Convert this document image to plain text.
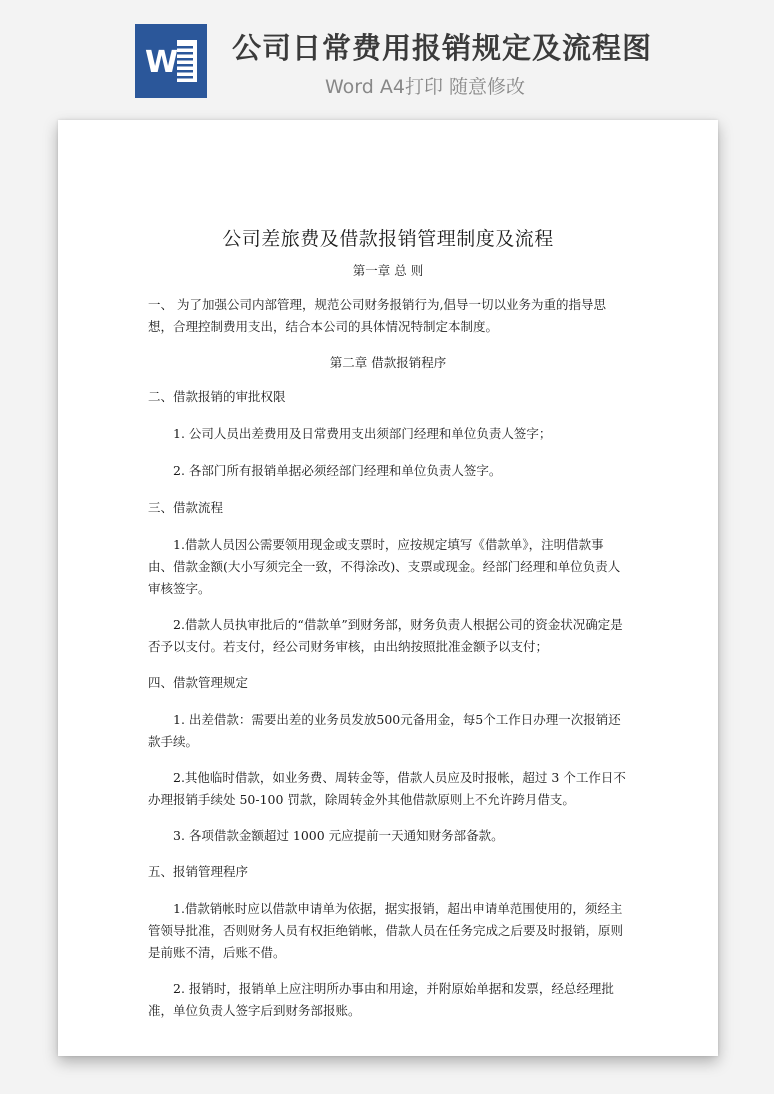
W 公司日常费用报销规定及流程图
Word A4打印 随意修改
公司差旅费及借款报销管理制度及流程
第一章 总 则
一、 为了加强公司内部管理，规范公司财务报销行为,倡导一切以业务为重的指导思想，合理控制费用支出，结合本公司的具体情况特制定本制度。
第二章 借款报销程序
二、借款报销的审批权限
1. 公司人员出差费用及日常费用支出须部门经理和单位负责人签字；
2. 各部门所有报销单据必须经部门经理和单位负责人签字。
三、借款流程
1.借款人员因公需要领用现金或支票时，应按规定填写《借款单》，注明借款事由、借款金额(大小写须完全一致，不得涂改)、支票或现金。经部门经理和单位负责人审核签字。
2.借款人员执审批后的“借款单”到财务部，财务负责人根据公司的资金状况确定是否予以支付。若支付，经公司财务审核，由出纳按照批准金额予以支付；
四、借款管理规定
1. 出差借款：需要出差的业务员发放500元备用金，每5个工作日办理一次报销还款手续。
2.其他临时借款，如业务费、周转金等，借款人员应及时报帐，超过 3 个工作日不办理报销手续处 50-100 罚款，除周转金外其他借款原则上不允许跨月借支。
3. 各项借款金额超过 1000 元应提前一天通知财务部备款。
五、报销管理程序
1.借款销帐时应以借款申请单为依据，据实报销，超出申请单范围使用的，须经主管领导批准，否则财务人员有权拒绝销帐，借款人员在任务完成之后要及时报销，原则是前账不清，后账不借。
2. 报销时，报销单上应注明所办事由和用途，并附原始单据和发票，经总经理批准，单位负责人签字后到财务部报账。
